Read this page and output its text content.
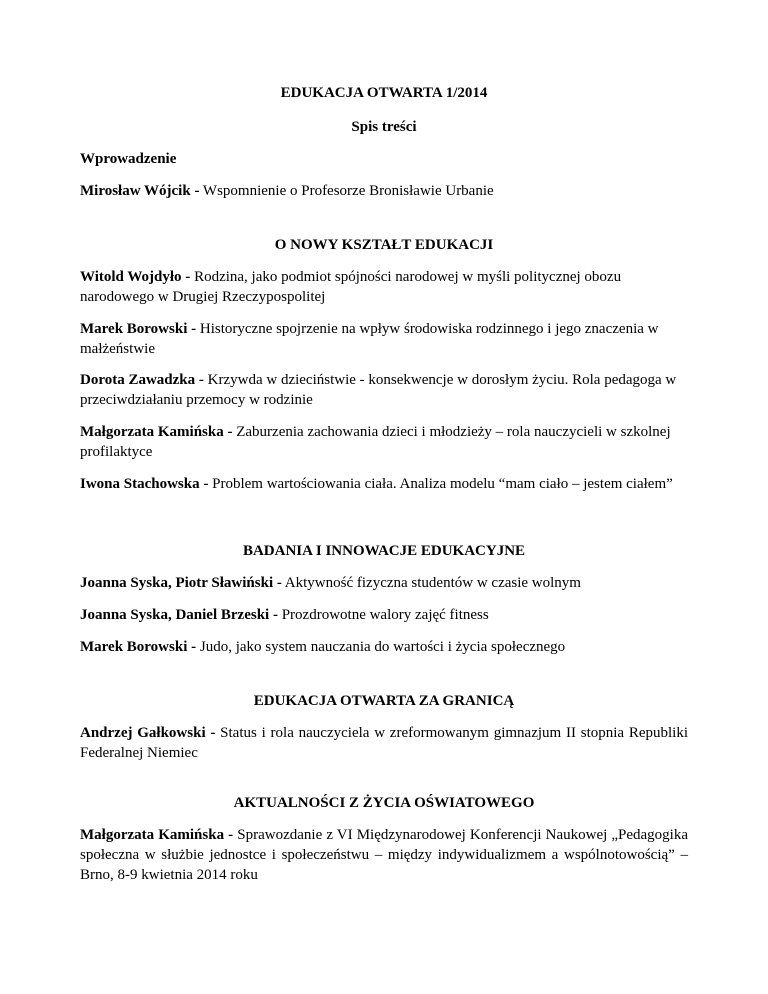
EDUKACJA OTWARTA 1/2014

Spis treści

Wprowadzenie

Mirosław Wójcik - Wspomnienie o Profesorze Bronisławie Urbanie

O NOWY KSZTAŁT EDUKACJI

Witold Wojdyło - Rodzina, jako podmiot spójności narodowej w myśli politycznej obozu narodowego w Drugiej Rzeczypospolitej

Marek Borowski - Historyczne spojrzenie na wpływ środowiska rodzinnego i jego znaczenia w małżeństwie

Dorota Zawadzka - Krzywda w dzieciństwie - konsekwencje w dorosłym życiu. Rola pedagoga w przeciwdziałaniu przemocy w rodzinie

Małgorzata Kamińska - Zaburzenia zachowania dzieci i młodzieży – rola nauczycieli w szkolnej profilaktyce

Iwona Stachowska - Problem wartościowania ciała. Analiza modelu “mam ciało – jestem ciałem”

BADANIA I INNOWACJE EDUKACYJNE

Joanna Syska, Piotr Sławiński - Aktywność fizyczna studentów w czasie wolnym

Joanna Syska, Daniel Brzeski - Prozdrowotne walory zajęć fitness

Marek Borowski - Judo, jako system nauczania do wartości i życia społecznego

EDUKACJA OTWARTA ZA GRANICĄ

Andrzej Gałkowski - Status i rola nauczyciela w zreformowanym gimnazjum II stopnia Republiki Federalnej Niemiec

AKTUALNOŚCI Z ŻYCIA OŚWIATOWEGO

Małgorzata Kamińska - Sprawozdanie z VI Międzynarodowej Konferencji Naukowej „Pedagogika społeczna w służbie jednostce i społeczeństwu – między indywidualizmem a wspólnotowością” – Brno, 8-9 kwietnia 2014 roku
